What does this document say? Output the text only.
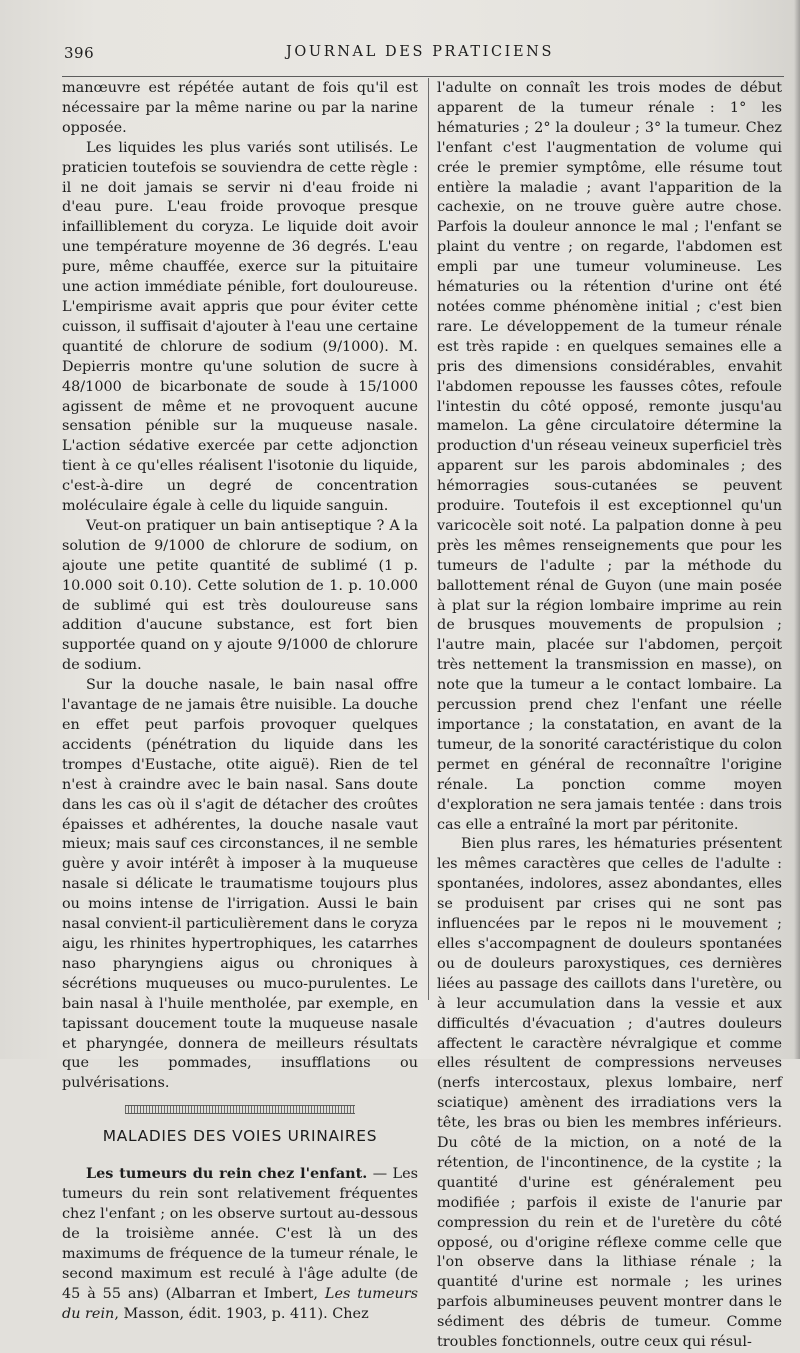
396	JOURNAL DES PRATICIENS

manœuvre est répétée autant de fois qu'il est nécessaire par la même narine ou par la narine opposée.

Les liquides les plus variés sont utilisés. Le praticien toutefois se souviendra de cette règle : il ne doit jamais se servir ni d'eau froide ni d'eau pure. L'eau froide provoque presque infailliblement du coryza. Le liquide doit avoir une température moyenne de 36 degrés. L'eau pure, même chauffée, exerce sur la pituitaire une action immédiate pénible, fort douloureuse. L'empirisme avait appris que pour éviter cette cuisson, il suffisait d'ajouter à l'eau une certaine quantité de chlorure de sodium (9/1000). M. Depierris montre qu'une solution de sucre à 48/1000 de bicarbonate de soude à 15/1000 agissent de même et ne provoquent aucune sensation pénible sur la muqueuse nasale. L'action sédative exercée par cette adjonction tient à ce qu'elles réalisent l'isotonie du liquide, c'est-à-dire un degré de concentration moléculaire égale à celle du liquide sanguin.

Veut-on pratiquer un bain antiseptique ? A la solution de 9/1000 de chlorure de sodium, on ajoute une petite quantité de sublimé (1 p. 10.000 soit 0.10). Cette solution de 1. p. 10.000 de sublimé qui est très douloureuse sans addition d'aucune substance, est fort bien supportée quand on y ajoute 9/1000 de chlorure de sodium.

Sur la douche nasale, le bain nasal offre l'avantage de ne jamais être nuisible. La douche en effet peut parfois provoquer quelques accidents (pénétration du liquide dans les trompes d'Eustache, otite aiguë). Rien de tel n'est à craindre avec le bain nasal. Sans doute dans les cas où il s'agit de détacher des croûtes épaisses et adhérentes, la douche nasale vaut mieux; mais sauf ces circonstances, il ne semble guère y avoir intérêt à imposer à la muqueuse nasale si délicate le traumatisme toujours plus ou moins intense de l'irrigation. Aussi le bain nasal convient-il particulièrement dans le coryza aigu, les rhinites hypertrophiques, les catarrhes naso pharyngiens aigus ou chroniques à sécrétions muqueuses ou muco-purulentes. Le bain nasal à l'huile mentholée, par exemple, en tapissant doucement toute la muqueuse nasale et pharyngée, donnera de meilleurs résultats que les pommades, insufflations ou pulvérisations.

MALADIES DES VOIES URINAIRES

Les tumeurs du rein chez l'enfant. — Les tumeurs du rein sont relativement fréquentes chez l'enfant ; on les observe surtout au-dessous de la troisième année. C'est là un des maximums de fréquence de la tumeur rénale, le second maximum est reculé à l'âge adulte (de 45 à 55 ans) (Albarran et Imbert, Les tumeurs du rein, Masson, édit. 1903, p. 411). Chez

l'adulte on connaît les trois modes de début apparent de la tumeur rénale : 1° les hématuries ; 2° la douleur ; 3° la tumeur. Chez l'enfant c'est l'augmentation de volume qui crée le premier symptôme, elle résume tout entière la maladie ; avant l'apparition de la cachexie, on ne trouve guère autre chose. Parfois la douleur annonce le mal ; l'enfant se plaint du ventre ; on regarde, l'abdomen est empli par une tumeur volumineuse. Les hématuries ou la rétention d'urine ont été notées comme phénomène initial ; c'est bien rare. Le développement de la tumeur rénale est très rapide : en quelques semaines elle a pris des dimensions considérables, envahit l'abdomen repousse les fausses côtes, refoule l'intestin du côté opposé, remonte jusqu'au mamelon. La gêne circulatoire détermine la production d'un réseau veineux superficiel très apparent sur les parois abdominales ; des hémorragies sous-cutanées se peuvent produire. Toutefois il est exceptionnel qu'un varicocèle soit noté. La palpation donne à peu près les mêmes renseignements que pour les tumeurs de l'adulte ; par la méthode du ballottement rénal de Guyon (une main posée à plat sur la région lombaire imprime au rein de brusques mouvements de propulsion ; l'autre main, placée sur l'abdomen, perçoit très nettement la transmission en masse), on note que la tumeur a le contact lombaire. La percussion prend chez l'enfant une réelle importance ; la constatation, en avant de la tumeur, de la sonorité caractéristique du colon permet en général de reconnaître l'origine rénale. La ponction comme moyen d'exploration ne sera jamais tentée : dans trois cas elle a entraîné la mort par péritonite.

Bien plus rares, les hématuries présentent les mêmes caractères que celles de l'adulte : spontanées, indolores, assez abondantes, elles se produisent par crises qui ne sont pas influencées par le repos ni le mouvement ; elles s'accompagnent de douleurs spontanées ou de douleurs paroxystiques, ces dernières liées au passage des caillots dans l'uretère, ou à leur accumulation dans la vessie et aux difficultés d'évacuation ; d'autres douleurs affectent le caractère névralgique et comme elles résultent de compressions nerveuses (nerfs intercostaux, plexus lombaire, nerf sciatique) amènent des irradiations vers la tête, les bras ou bien les membres inférieurs. Du côté de la miction, on a noté de la rétention, de l'incontinence, de la cystite ; la quantité d'urine est généralement peu modifiée ; parfois il existe de l'anurie par compression du rein et de l'uretère du côté opposé, ou d'origine réflexe comme celle que l'on observe dans la lithiase rénale ; la quantité d'urine est normale ; les urines parfois albumineuses peuvent montrer dans le sédiment des débris de tumeur. Comme troubles fonctionnels, outre ceux qui résul-
